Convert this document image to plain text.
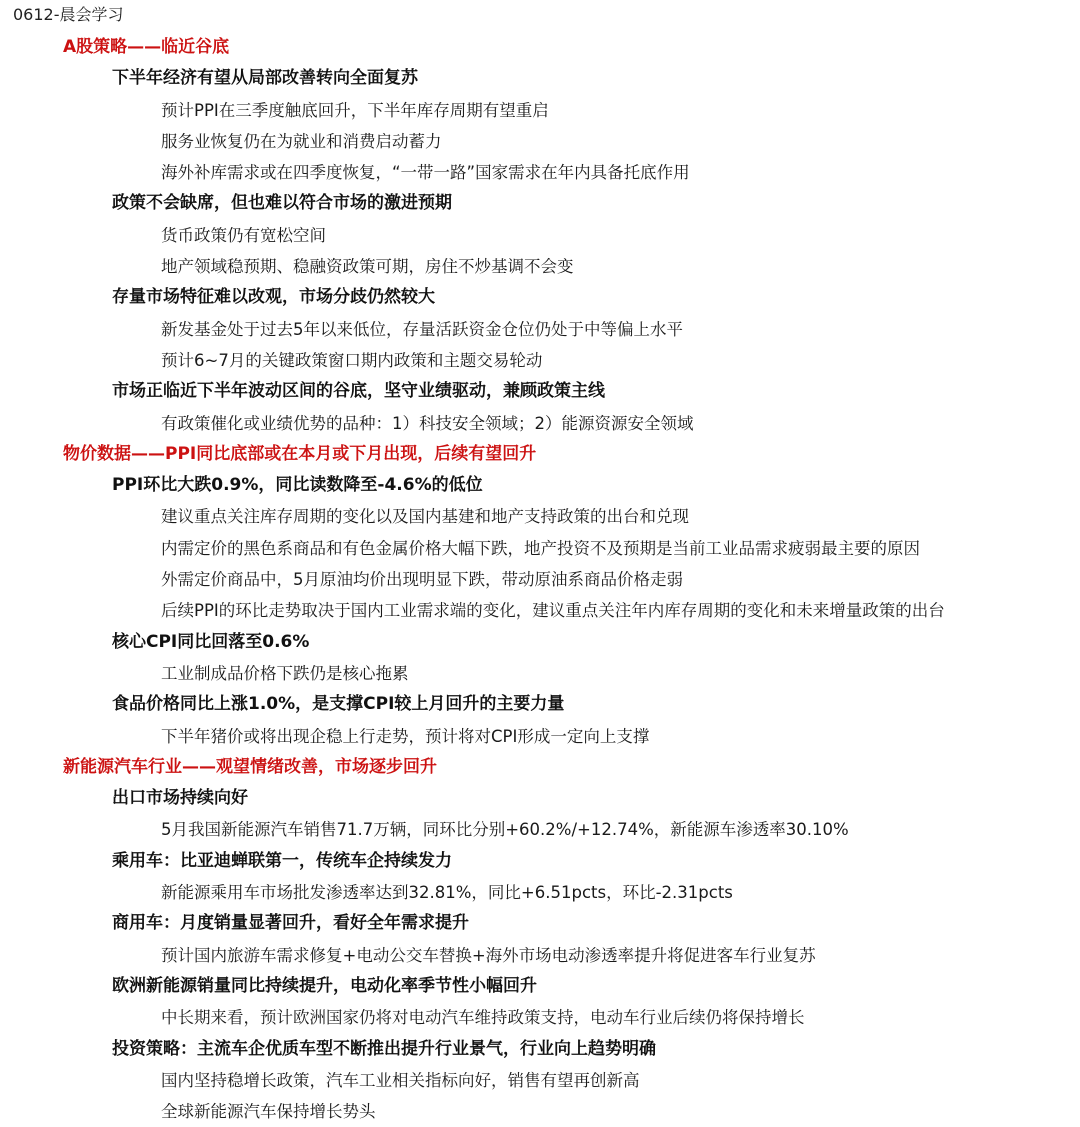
0612-晨会学习
A股策略——临近谷底
下半年经济有望从局部改善转向全面复苏
预计PPI在三季度触底回升，下半年库存周期有望重启
服务业恢复仍在为就业和消费启动蓄力
海外补库需求或在四季度恢复，“一带一路”国家需求在年内具备托底作用
政策不会缺席，但也难以符合市场的激进预期
货币政策仍有宽松空间
地产领域稳预期、稳融资政策可期，房住不炒基调不会变
存量市场特征难以改观，市场分歧仍然较大
新发基金处于过去5年以来低位，存量活跃资金仓位仍处于中等偏上水平
预计6~7月的关键政策窗口期内政策和主题交易轮动
市场正临近下半年波动区间的谷底，坚守业绩驱动，兼顾政策主线
有政策催化或业绩优势的品种：1）科技安全领域；2）能源资源安全领域
物价数据——PPI同比底部或在本月或下月出现，后续有望回升
PPI环比大跌0.9%，同比读数降至-4.6%的低位
建议重点关注库存周期的变化以及国内基建和地产支持政策的出台和兑现
内需定价的黑色系商品和有色金属价格大幅下跌，地产投资不及预期是当前工业品需求疲弱最主要的原因
外需定价商品中，5月原油均价出现明显下跌，带动原油系商品价格走弱
后续PPI的环比走势取决于国内工业需求端的变化，建议重点关注年内库存周期的变化和未来增量政策的出台
核心CPI同比回落至0.6%
工业制成品价格下跌仍是核心拖累
食品价格同比上涨1.0%，是支撑CPI较上月回升的主要力量
下半年猪价或将出现企稳上行走势，预计将对CPI形成一定向上支撑
新能源汽车行业——观望情绪改善，市场逐步回升
出口市场持续向好
5月我国新能源汽车销售71.7万辆，同环比分别+60.2%/+12.74%，新能源车渗透率30.10%
乘用车：比亚迪蝉联第一，传统车企持续发力
新能源乘用车市场批发渗透率达到32.81%，同比+6.51pcts，环比-2.31pcts
商用车：月度销量显著回升，看好全年需求提升
预计国内旅游车需求修复+电动公交车替换+海外市场电动渗透率提升将促进客车行业复苏
欧洲新能源销量同比持续提升，电动化率季节性小幅回升
中长期来看，预计欧洲国家仍将对电动汽车维持政策支持，电动车行业后续仍将保持增长
投资策略：主流车企优质车型不断推出提升行业景气，行业向上趋势明确
国内坚持稳增长政策，汽车工业相关指标向好，销售有望再创新高
全球新能源汽车保持增长势头
